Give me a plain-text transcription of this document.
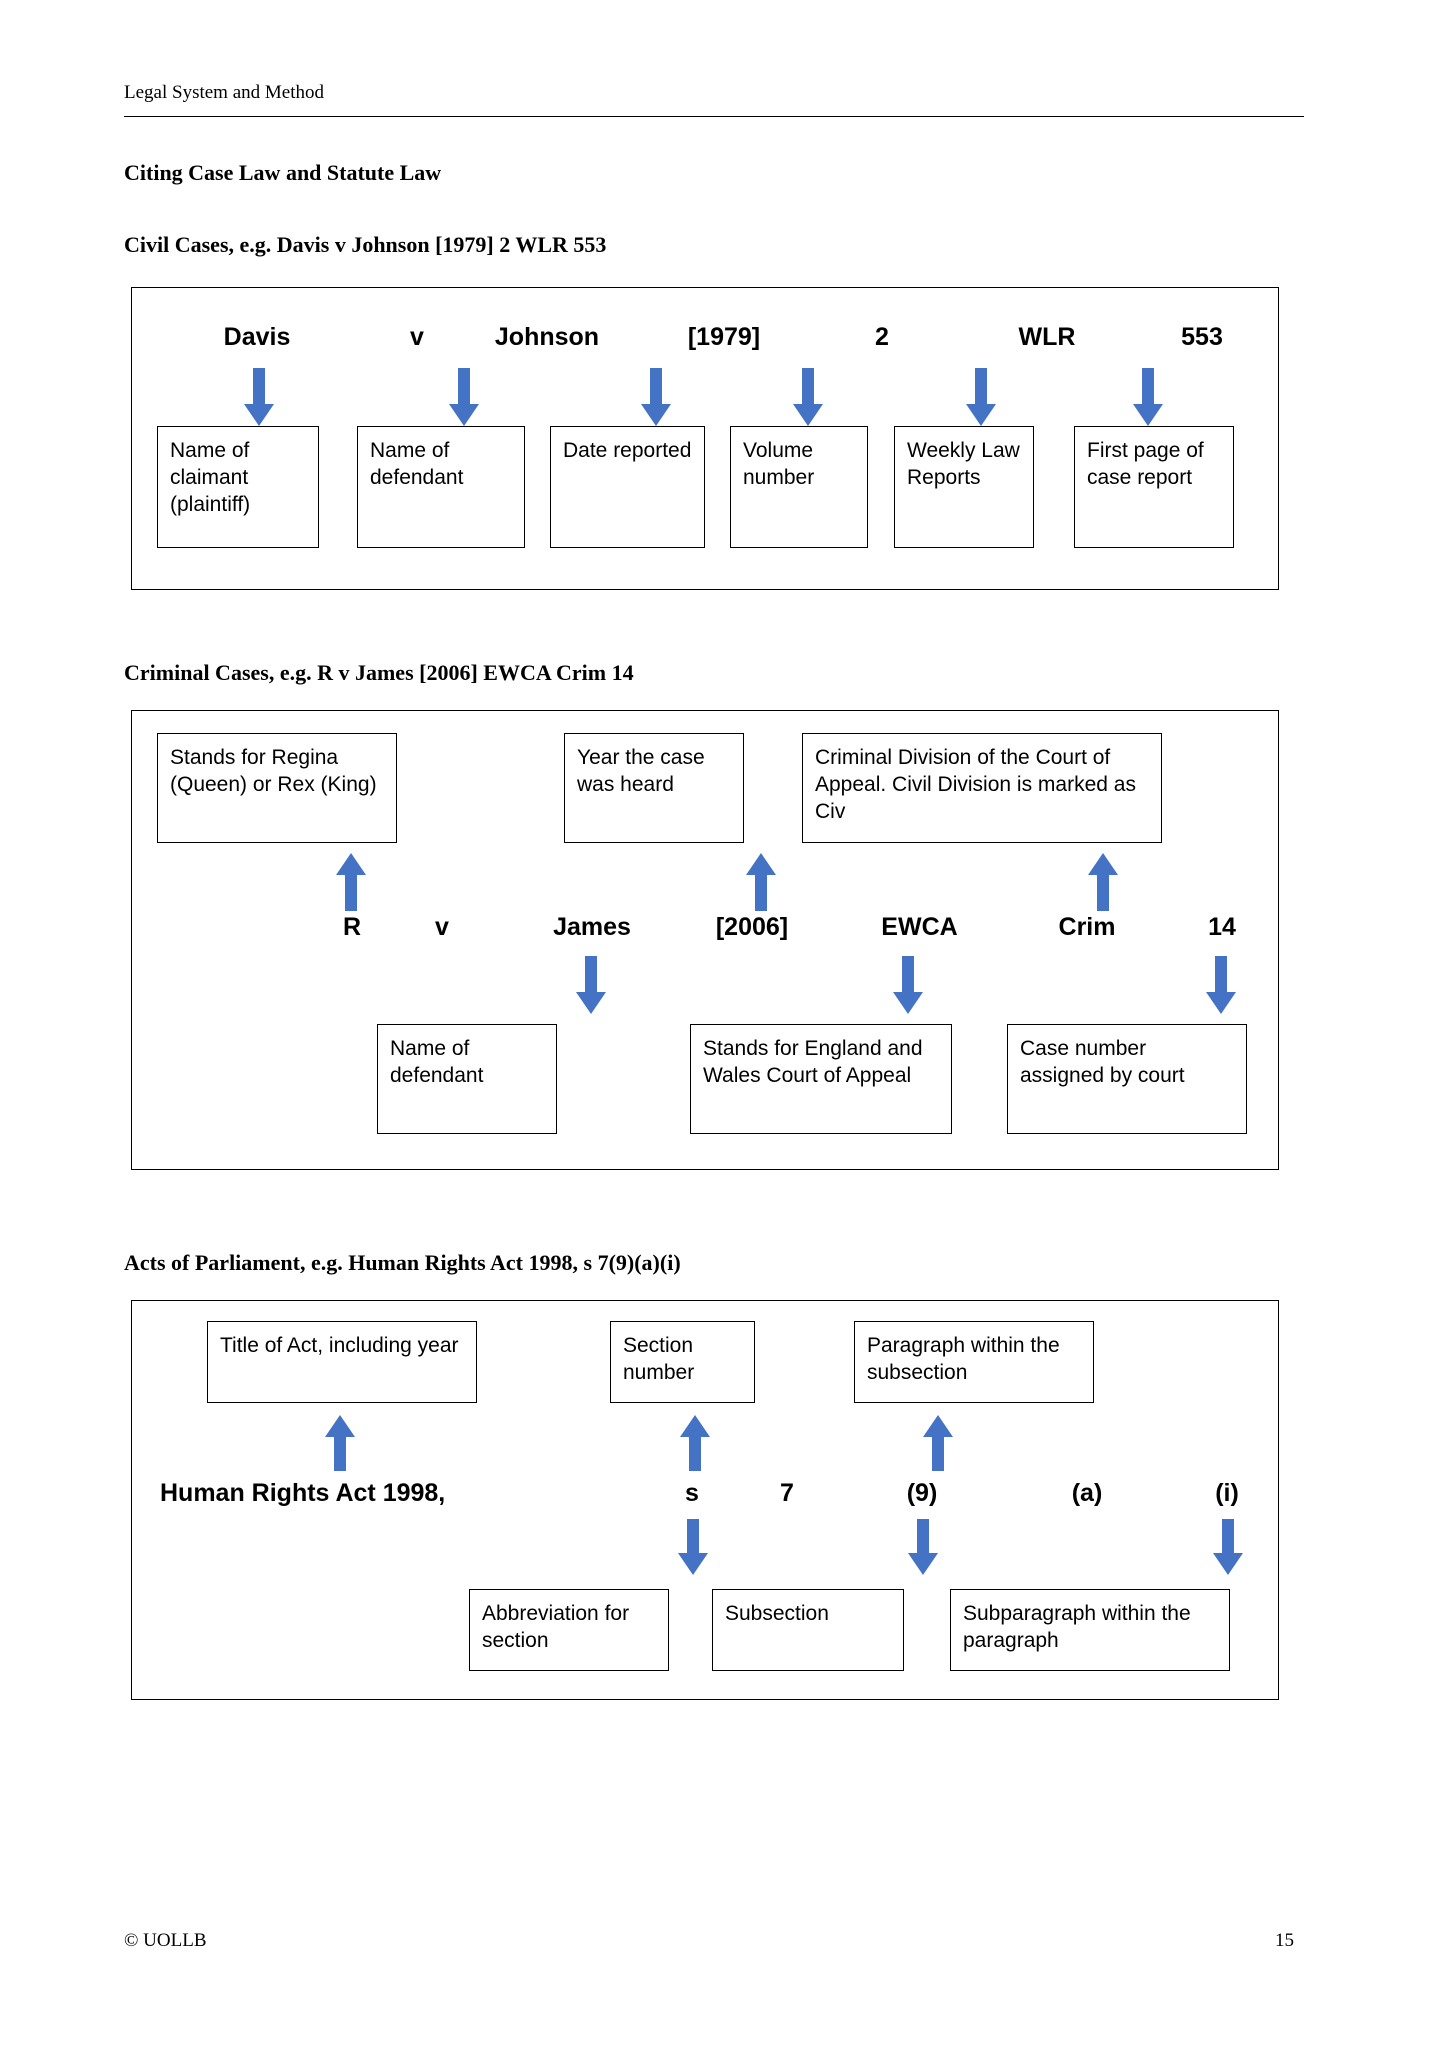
Legal System and Method
Citing Case Law and Statute Law
Civil Cases, e.g. Davis v Johnson [1979] 2 WLR 553
Davis	v	Johnson	[1979]	2	WLR	553
Name of claimant (plaintiff)
Name of defendant
Date reported	Volume number
Weekly Law Reports
First page of case report
Criminal Cases, e.g. R v James [2006] EWCA Crim 14
Stands for Regina (Queen) or Rex (King)
Year the case was heard
Criminal Division of the Court of Appeal. Civil Division is marked as Civ
R	v	James	[2006]	EWCA	Crim	14
Name of defendant
Stands for England and Wales Court of Appeal
Case number assigned by court
Acts of Parliament, e.g. Human Rights Act 1998, s 7(9)(a)(i)
Title of Act, including year	Section number
Paragraph within the subsection
Human Rights Act 1998,	s	7	(9)	(a)	(i)
Abbreviation for section
Subsection	Subparagraph within the paragraph
© UOLLB	15
